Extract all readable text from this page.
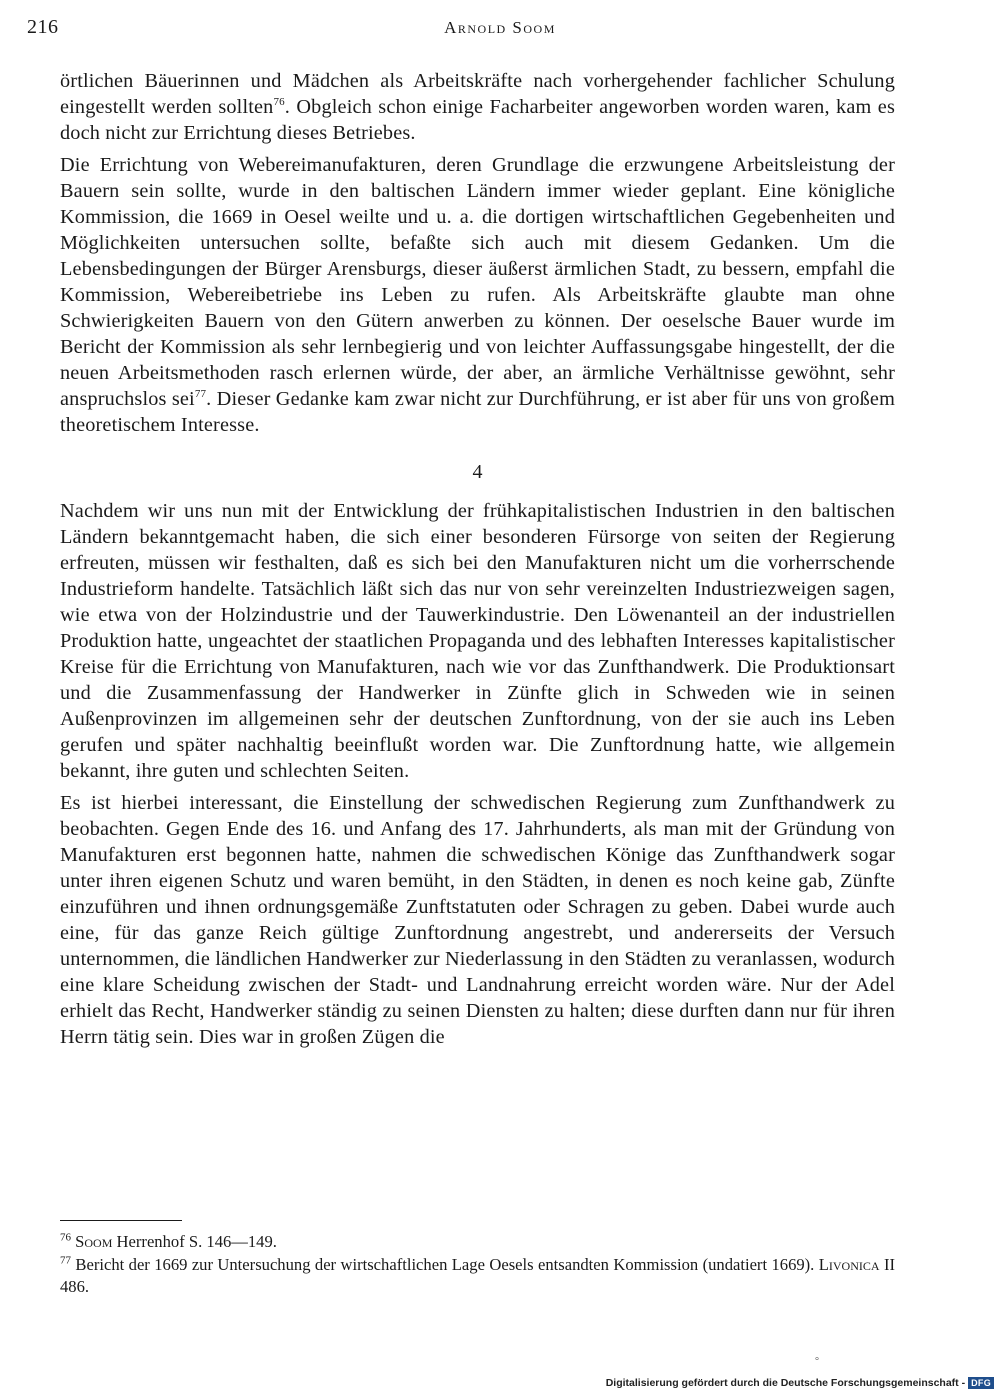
216	Arnold Soom

örtlichen Bäuerinnen und Mädchen als Arbeitskräfte nach vorhergehender fachlicher Schulung eingestellt werden sollten$^{76}$. Obgleich schon einige Facharbeiter angeworben worden waren, kam es doch nicht zur Errichtung dieses Betriebes.

Die Errichtung von Webereimanufakturen, deren Grundlage die erzwungene Arbeitsleistung der Bauern sein sollte, wurde in den baltischen Ländern immer wieder geplant. Eine königliche Kommission, die 1669 in Oesel weilte und u. a. die dortigen wirtschaftlichen Gegebenheiten und Möglichkeiten untersuchen sollte, befaßte sich auch mit diesem Gedanken. Um die Lebensbedingungen der Bürger Arensburgs, dieser äußerst ärmlichen Stadt, zu bessern, empfahl die Kommission, Webereibetriebe ins Leben zu rufen. Als Arbeitskräfte glaubte man ohne Schwierigkeiten Bauern von den Gütern anwerben zu können. Der oeselsche Bauer wurde im Bericht der Kommission als sehr lernbegierig und von leichter Auffassungsgabe hingestellt, der die neuen Arbeitsmethoden rasch erlernen würde, der aber, an ärmliche Verhältnisse gewöhnt, sehr anspruchslos sei$^{77}$. Dieser Gedanke kam zwar nicht zur Durchführung, er ist aber für uns von großem theoretischem Interesse.

4

Nachdem wir uns nun mit der Entwicklung der frühkapitalistischen Industrien in den baltischen Ländern bekanntgemacht haben, die sich einer besonderen Fürsorge von seiten der Regierung erfreuten, müssen wir festhalten, daß es sich bei den Manufakturen nicht um die vorherrschende Industrieform handelte. Tatsächlich läßt sich das nur von sehr vereinzelten Industriezweigen sagen, wie etwa von der Holzindustrie und der Tauwerkindustrie. Den Löwenanteil an der industriellen Produktion hatte, ungeachtet der staatlichen Propaganda und des lebhaften Interesses kapitalistischer Kreise für die Errichtung von Manufakturen, nach wie vor das Zunfthandwerk. Die Produktionsart und die Zusammenfassung der Handwerker in Zünfte glich in Schweden wie in seinen Außenprovinzen im allgemeinen sehr der deutschen Zunftordnung, von der sie auch ins Leben gerufen und später nachhaltig beeinflußt worden war. Die Zunftordnung hatte, wie allgemein bekannt, ihre guten und schlechten Seiten.

Es ist hierbei interessant, die Einstellung der schwedischen Regierung zum Zunfthandwerk zu beobachten. Gegen Ende des 16. und Anfang des 17. Jahrhunderts, als man mit der Gründung von Manufakturen erst begonnen hatte, nahmen die schwedischen Könige das Zunfthandwerk sogar unter ihren eigenen Schutz und waren bemüht, in den Städten, in denen es noch keine gab, Zünfte einzuführen und ihnen ordnungsgemäße Zunftstatuten oder Schragen zu geben. Dabei wurde auch eine, für das ganze Reich gültige Zunftordnung angestrebt, und andererseits der Versuch unternommen, die ländlichen Handwerker zur Niederlassung in den Städten zu veranlassen, wodurch eine klare Scheidung zwischen der Stadt- und Landnahrung erreicht worden wäre. Nur der Adel erhielt das Recht, Handwerker ständig zu seinen Diensten zu halten; diese durften dann nur für ihren Herrn tätig sein. Dies war in großen Zügen die

$^{76}$ Soom Herrenhof S. 146—149.

$^{77}$ Bericht der 1669 zur Untersuchung der wirtschaftlichen Lage Oesels entsandten Kommission (undatiert 1669). Livonica II 486.

°
Digitalisierung gefördert durch die Deutsche Forschungsgemeinschaft - DFG
